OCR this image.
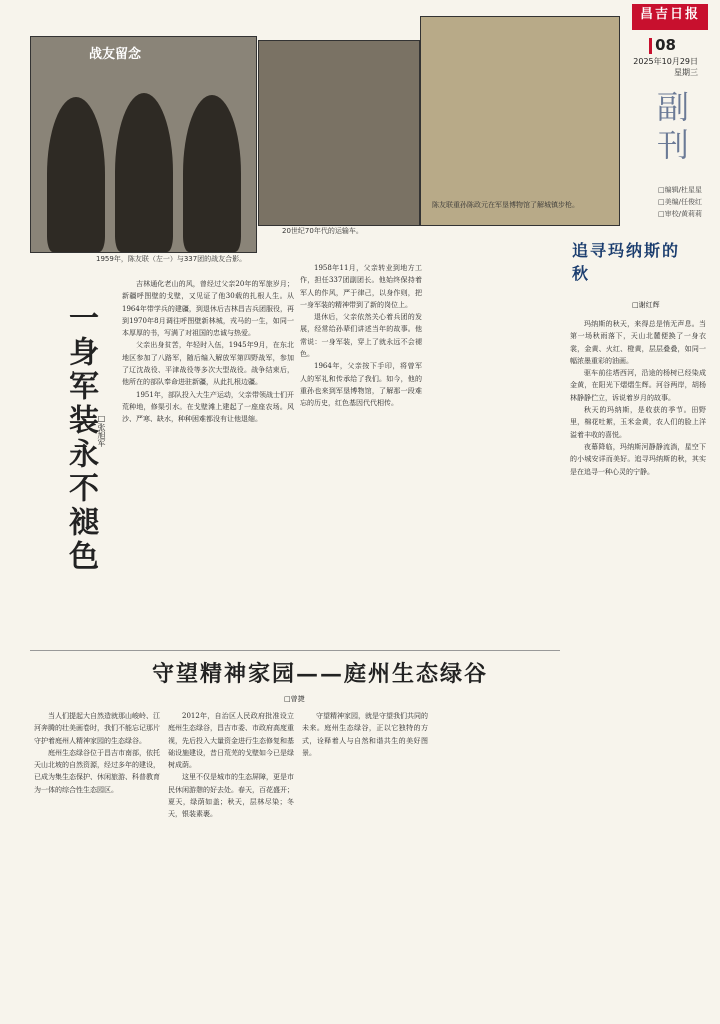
昌吉日报
08
2025年10月29日
星期三
副刊
□编辑/杜星星
□美编/任俊红
□审校/黄莉莉
战友留念
1959年，陈友联（左一）与337团的战友合影。
20世纪70年代的运输车。
陈友联重孙陈政元在军垦博物馆了解城镇步枪。
一身军装永不褪色 □张旭军

吉林通化老山的风，曾经过父亲20年的军旅岁月；新疆呼图壁的戈壁，又见证了他30载的扎根人生。从1964年带学兵的建疆，到退休后吉林昌吉兵团服役，再到1970年8月调往呼图壁新林城，戎马的一生，如同一本厚厚的书，写满了对祖国的忠诚与热爱。

父亲出身贫苦，年轻时入伍，1945年9月，在东北地区参加了八路军，随后编入解放军第四野战军，参加了辽沈战役、平津战役等多次大型战役。战争结束后，他所在的部队奉命进驻新疆，从此扎根边疆。

1951年，部队投入大生产运动，父亲带领战士们开荒种地，修渠引水。在戈壁滩上建起了一座座农场。风沙、严寒、缺水，种种困难都没有让他退缩。

1958年11月，父亲转业到地方工作，担任337团副团长。他始终保持着军人的作风，严于律己，以身作则，把一身军装的精神带到了新的岗位上。

退休后，父亲依然关心着兵团的发展，经常给孙辈们讲述当年的故事。他常说：一身军装，穿上了就永远不会褪色。

1964年，父亲按下手印，将曾军人的军礼和传承给了我们。如今，他的重孙也来到军垦博物馆，了解那一段难忘的历史，红色基因代代相传。

追寻玛纳斯的秋
□谢红辉

玛纳斯的秋天，来得总是悄无声息。当第一场秋雨落下，天山北麓便换了一身衣裳，金黄、火红、橙黄，层层叠叠，如同一幅浓墨重彩的油画。

驱车前往塔西河，沿途的杨树已经染成金黄，在阳光下熠熠生辉。河谷两岸，胡杨林静静伫立，诉说着岁月的故事。

秋天的玛纳斯，是收获的季节。田野里，棉花吐絮，玉米金黄，农人们的脸上洋溢着丰收的喜悦。

夜幕降临，玛纳斯河静静流淌，星空下的小城安详而美好。追寻玛纳斯的秋，其实是在追寻一种心灵的宁静。

守望精神家园——庭州生态绿谷
□曾捷

当人们提起大自然造就那山峻岭、江河奔腾的壮美画卷时，我们不能忘记那片守护着庭州人精神家园的生态绿谷。

庭州生态绿谷位于昌吉市南部，依托天山北坡的自然资源，经过多年的建设，已成为集生态保护、休闲旅游、科普教育为一体的综合性生态园区。

2012年，自治区人民政府批准设立庭州生态绿谷，昌吉市委、市政府高度重视，先后投入大量资金进行生态修复和基础设施建设，昔日荒芜的戈壁如今已是绿树成荫。

这里不仅是城市的生态屏障，更是市民休闲游憩的好去处。春天，百花盛开；夏天，绿荫如盖；秋天，层林尽染；冬天，银装素裹。

守望精神家园，就是守望我们共同的未来。庭州生态绿谷，正以它独特的方式，诠释着人与自然和谐共生的美好图景。
